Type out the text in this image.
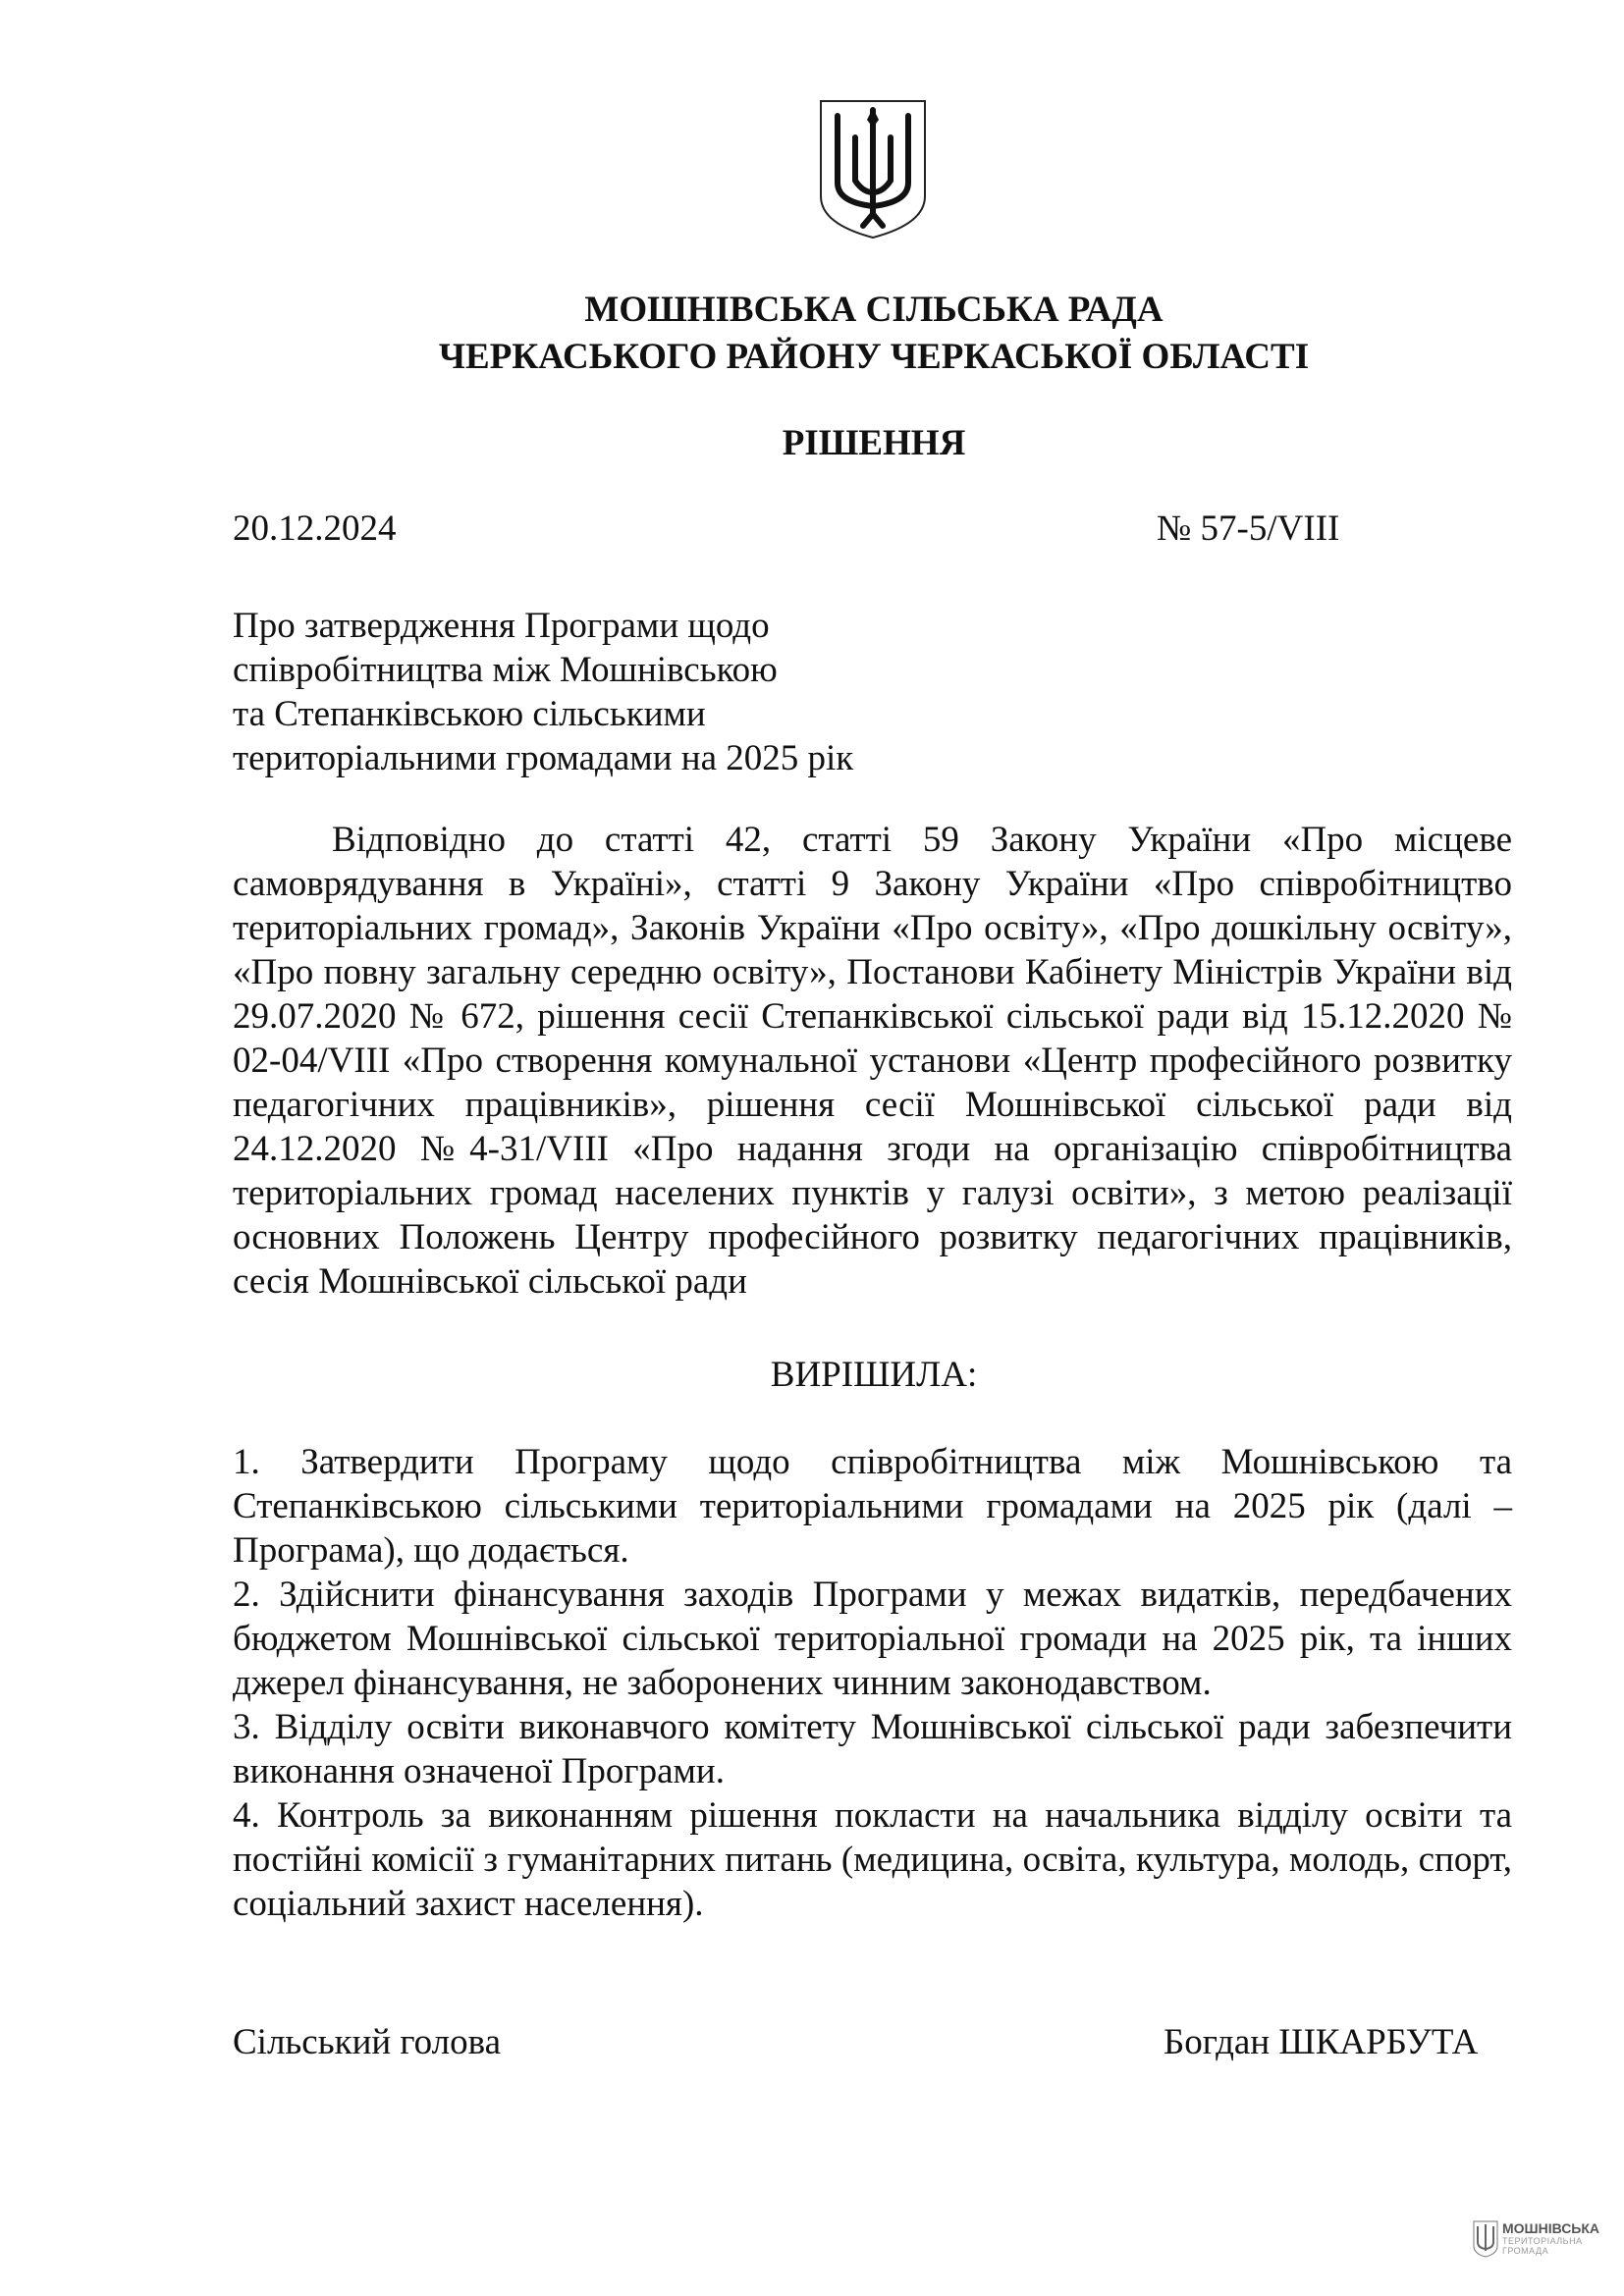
МОШНІВСЬКА СІЛЬСЬКА РАДА
ЧЕРКАСЬКОГО РАЙОНУ ЧЕРКАСЬКОЇ ОБЛАСТІ
РІШЕННЯ
20.12.2024	№ 57-5/VIII
Про затвердження Програми щодо
співробітництва між Мошнівською
та Степанківською сільськими
територіальними громадами на 2025 рік
Відповідно до статті 42, статті 59 Закону України «Про місцеве самоврядування в Україні», статті 9 Закону України «Про співробітництво територіальних громад», Законів України «Про освіту», «Про дошкільну освіту», «Про повну загальну середню освіту», Постанови Кабінету Міністрів України від 29.07.2020 № 672, рішення сесії Степанківської сільської ради від 15.12.2020 № 02-04/VIII «Про створення комунальної установи «Центр професійного розвитку педагогічних працівників», рішення сесії Мошнівської сільської ради від 24.12.2020 №4-31/VIII «Про надання згоди на організацію співробітництва територіальних громад населених пунктів у галузі освіти», з метою реалізації основних Положень Центру професійного розвитку педагогічних працівників, сесія Мошнівської сільської ради
ВИРІШИЛА:

1. Затвердити Програму щодо співробітництва між Мошнівською та Степанківською сільськими територіальними громадами на 2025 рік (далі – Програма), що додається.

2. Здійснити фінансування заходів Програми у межах видатків, передбачених бюджетом Мошнівської сільської територіальної громади на 2025 рік, та інших джерел фінансування, не заборонених чинним законодавством.

3. Відділу освіти виконавчого комітету Мошнівської сільської ради забезпечити виконання означеної Програми.

4. Контроль за виконанням рішення покласти на начальника відділу освіти та постійні комісії з гуманітарних питань (медицина, освіта, культура, молодь, спорт, соціальний захист населення).

Сільський голова	Богдан ШКАРБУТА
МОШНІВСЬКА
ТЕРИТОРІАЛЬНА
ГРОМАДА
